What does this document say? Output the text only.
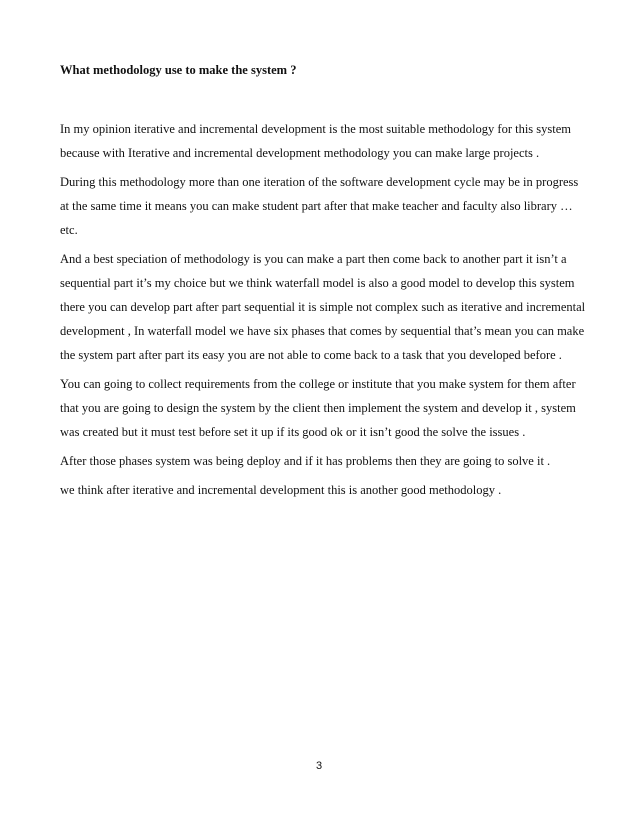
What methodology use to make the system ?

In my opinion iterative and incremental development is the most suitable methodology for this system because with Iterative and incremental development methodology you can make large projects .

During this methodology more than one iteration of the software development cycle may be in progress at the same time it means you can make student part after that make teacher and faculty also library …etc.

And a best speciation of methodology is you can make a part then come back to another part it isn’t a sequential part it’s my choice but we think waterfall model is also a good model to develop this system there you can develop part after part sequential it is simple not complex such as iterative and incremental development , In waterfall model we have six phases that comes by sequential that’s mean you can make the system part after part its easy you are not able to come back to a task that you developed before .

You can going to collect requirements from the college or institute that you make system for them after that you are going to design the system by the client then implement the system and develop it , system was created but it must test before set it up if its good ok or it isn’t good the solve the issues .

After those phases system was being deploy and if it has problems then they are going to solve it .

we think after iterative and incremental development this is another good methodology .

3
